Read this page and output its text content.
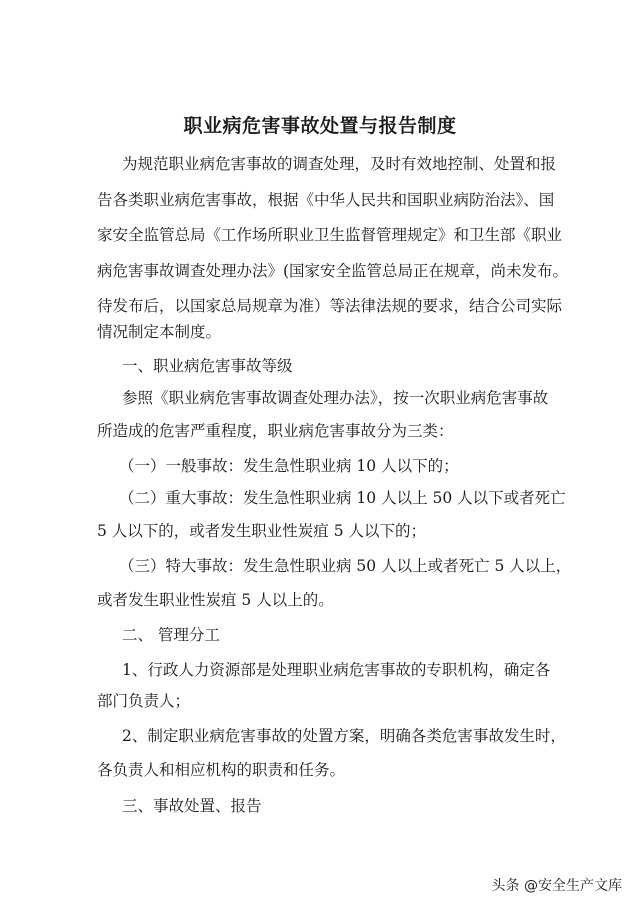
职业病危害事故处置与报告制度

为规范职业病危害事故的调查处理，及时有效地控制、处置和报

告各类职业病危害事故，根据《中华人民共和国职业病防治法》、国

家安全监管总局《工作场所职业卫生监督管理规定》和卫生部《职业

病危害事故调查处理办法》(国家安全监管总局正在规章，尚未发布。

待发布后，以国家总局规章为准）等法律法规的要求，结合公司实际

情况制定本制度。

一、职业病危害事故等级

参照《职业病危害事故调查处理办法》，按一次职业病危害事故

所造成的危害严重程度，职业病危害事故分为三类：

（一）一般事故：发生急性职业病 10 人以下的；

（二）重大事故：发生急性职业病 10 人以上 50 人以下或者死亡

5 人以下的，或者发生职业性炭疽 5 人以下的；

（三）特大事故：发生急性职业病 50 人以上或者死亡 5 人以上，

或者发生职业性炭疽 5 人以上的。

二、 管理分工

1、行政人力资源部是处理职业病危害事故的专职机构，确定各

部门负责人；

2、制定职业病危害事故的处置方案，明确各类危害事故发生时，

各负责人和相应机构的职责和任务。

三、事故处置、报告

头条 @安全生产文库
